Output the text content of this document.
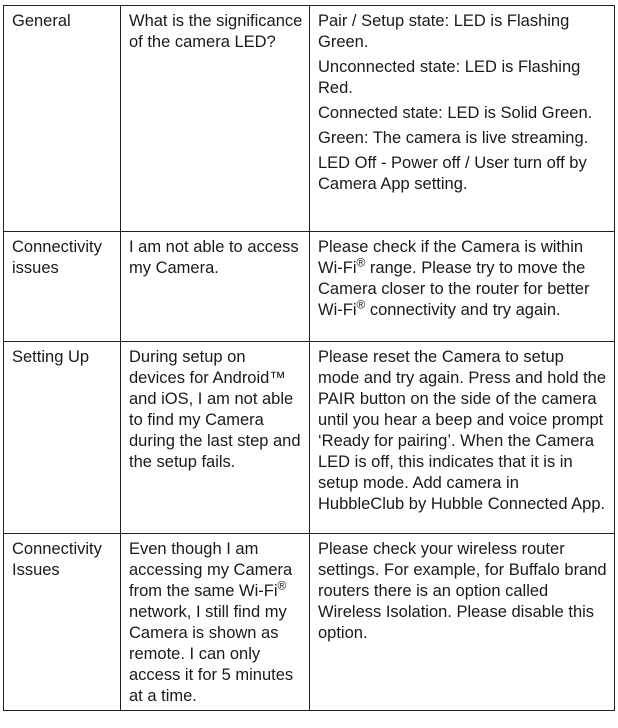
General	What is the significance of the camera LED?	Pair / Setup state: LED is Flashing Green.

Unconnected state: LED is Flashing Red.

Connected state: LED is Solid Green.

Green: The camera is live streaming.

LED Off - Power off / User turn off by Camera App setting.

Connectivity issues	I am not able to access my Camera.	Please check if the Camera is within Wi-Fi® range. Please try to move the Camera closer to the router for better Wi-Fi® connectivity and try again.
Setting Up	During setup on devices for Android™ and iOS, I am not able to find my Camera during the last step and the setup fails.	Please reset the Camera to setup mode and try again. Press and hold the PAIR button on the side of the camera until you hear a beep and voice prompt ‘Ready for pairing’. When the Camera LED is off, this indicates that it is in setup mode. Add camera in HubbleClub by Hubble Connected App.
Connectivity Issues	Even though I am accessing my Camera from the same Wi-Fi® network, I still find my Camera is shown as remote. I can only access it for 5 minutes at a time.	Please check your wireless router settings. For example, for Buffalo brand routers there is an option called Wireless Isolation. Please disable this option.
